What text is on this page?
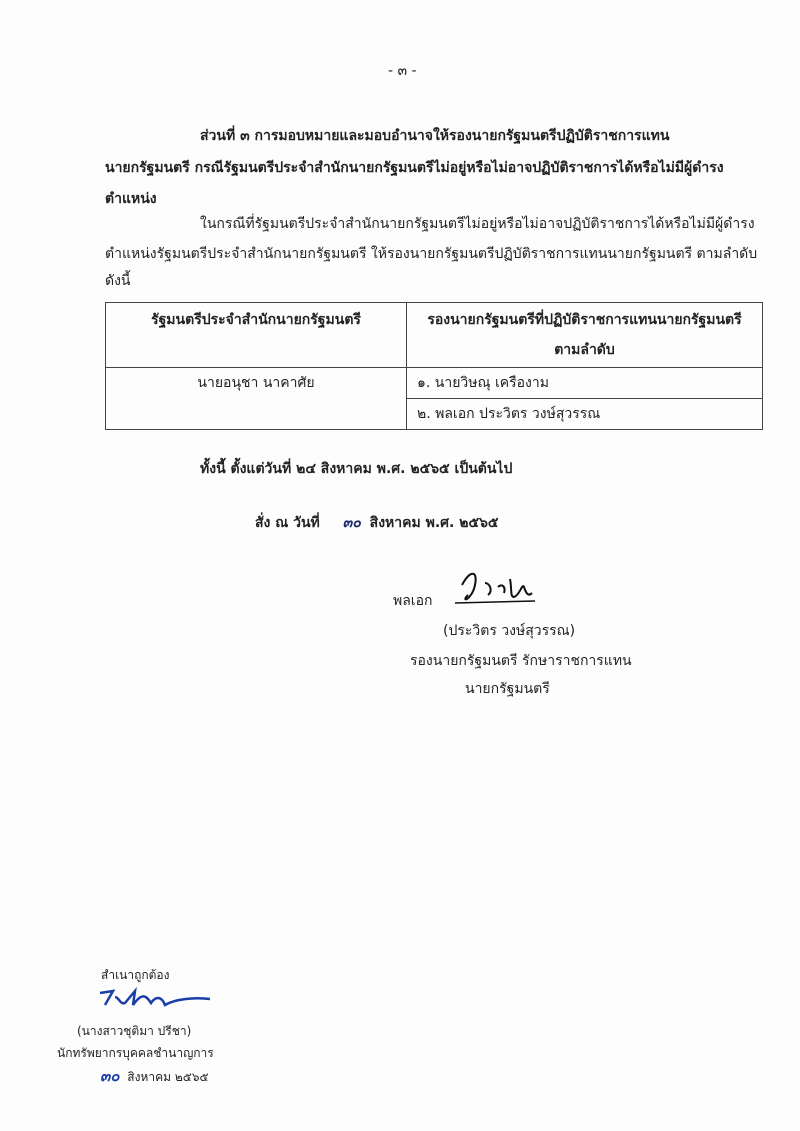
- ๓ -
ส่วนที่ ๓ การมอบหมายและมอบอำนาจให้รองนายกรัฐมนตรีปฏิบัติราชการแทน
นายกรัฐมนตรี กรณีรัฐมนตรีประจำสำนักนายกรัฐมนตรีไม่อยู่หรือไม่อาจปฏิบัติราชการได้หรือไม่มีผู้ดำรง
ตำแหน่ง
ในกรณีที่รัฐมนตรีประจำสำนักนายกรัฐมนตรีไม่อยู่หรือไม่อาจปฏิบัติราชการได้หรือไม่มีผู้ดำรง
ตำแหน่งรัฐมนตรีประจำสำนักนายกรัฐมนตรี ให้รองนายกรัฐมนตรีปฏิบัติราชการแทนนายกรัฐมนตรี ตามลำดับ
ดังนี้
รัฐมนตรีประจำสำนักนายกรัฐมนตรี	รองนายกรัฐมนตรีที่ปฏิบัติราชการแทนนายกรัฐมนตรี
ตามลำดับ

นายอนุชา นาคาศัย	๑. นายวิษณุ เครืองาม
	๒. พลเอก ประวิตร วงษ์สุวรรณ
ทั้งนี้ ตั้งแต่วันที่ ๒๔ สิงหาคม พ.ศ. ๒๕๖๕ เป็นต้นไป
สั่ง ณ วันที่ ๓๐ สิงหาคม พ.ศ. ๒๕๖๕
พลเอก
(ประวิตร วงษ์สุวรรณ)
รองนายกรัฐมนตรี รักษาราชการแทน
นายกรัฐมนตรี
สำเนาถูกต้อง
(นางสาวชุติมา ปรีชา)
นักทรัพยากรบุคคลชำนาญการ
๓๐ สิงหาคม ๒๕๖๕
